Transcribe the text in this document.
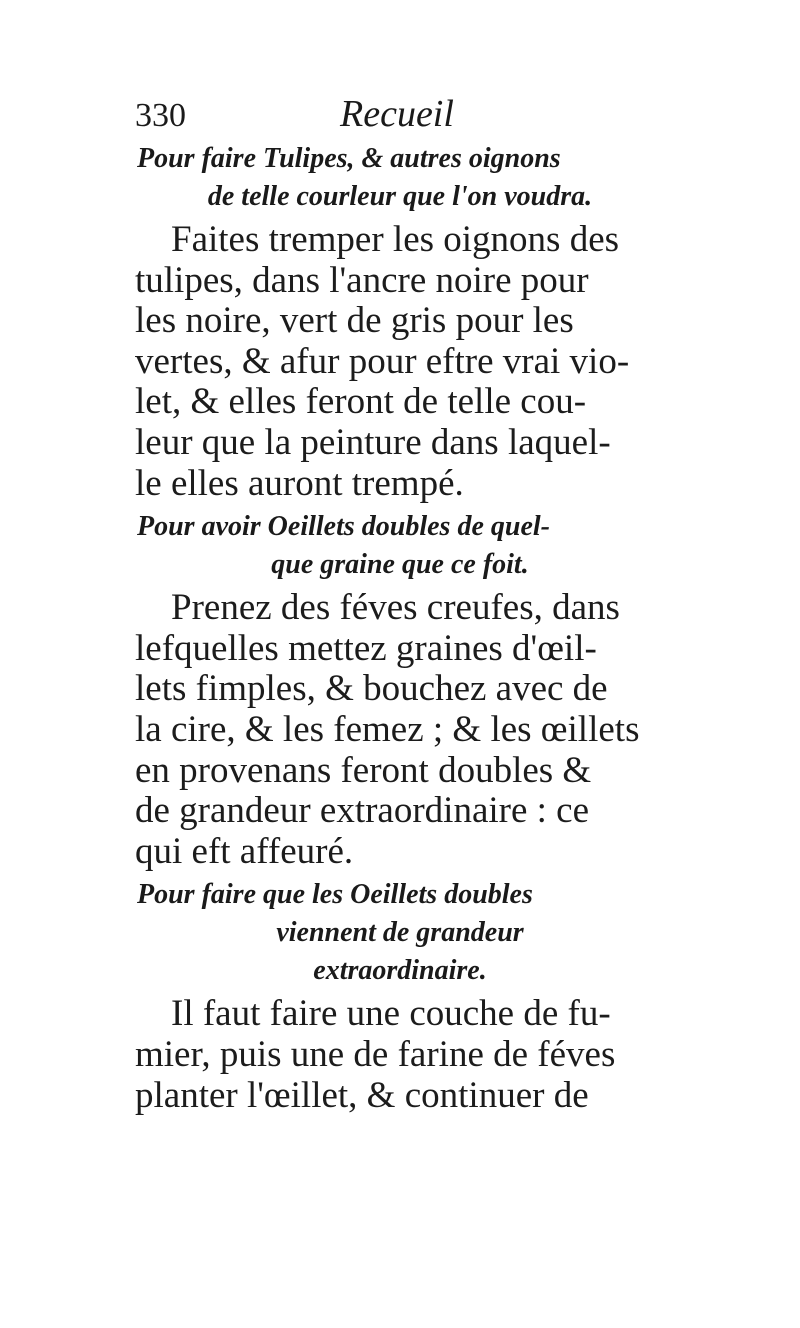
330	Recueil

Pour faire Tulipes, & autres oignons
de telle courleur que l'on voudra.

Faites tremper les oignons des
tulipes, dans l'ancre noire pour
les noire, vert de gris pour les
vertes, & afur pour eftre vrai vio-
let, & elles feront de telle cou-
leur que la peinture dans laquel-
le elles auront trempé.

Pour avoir Oeillets doubles de quel-
que graine que ce foit.

Prenez des féves creufes, dans
lefquelles mettez graines d'œil-
lets fimples, & bouchez avec de
la cire, & les femez ; & les œillets
en provenans feront doubles &
de grandeur extraordinaire : ce
qui eft affeuré.

Pour faire que les Oeillets doubles
viennent de grandeur
extraordinaire.

Il faut faire une couche de fu-
mier, puis une de farine de féves
planter l'œillet, & continuer de
